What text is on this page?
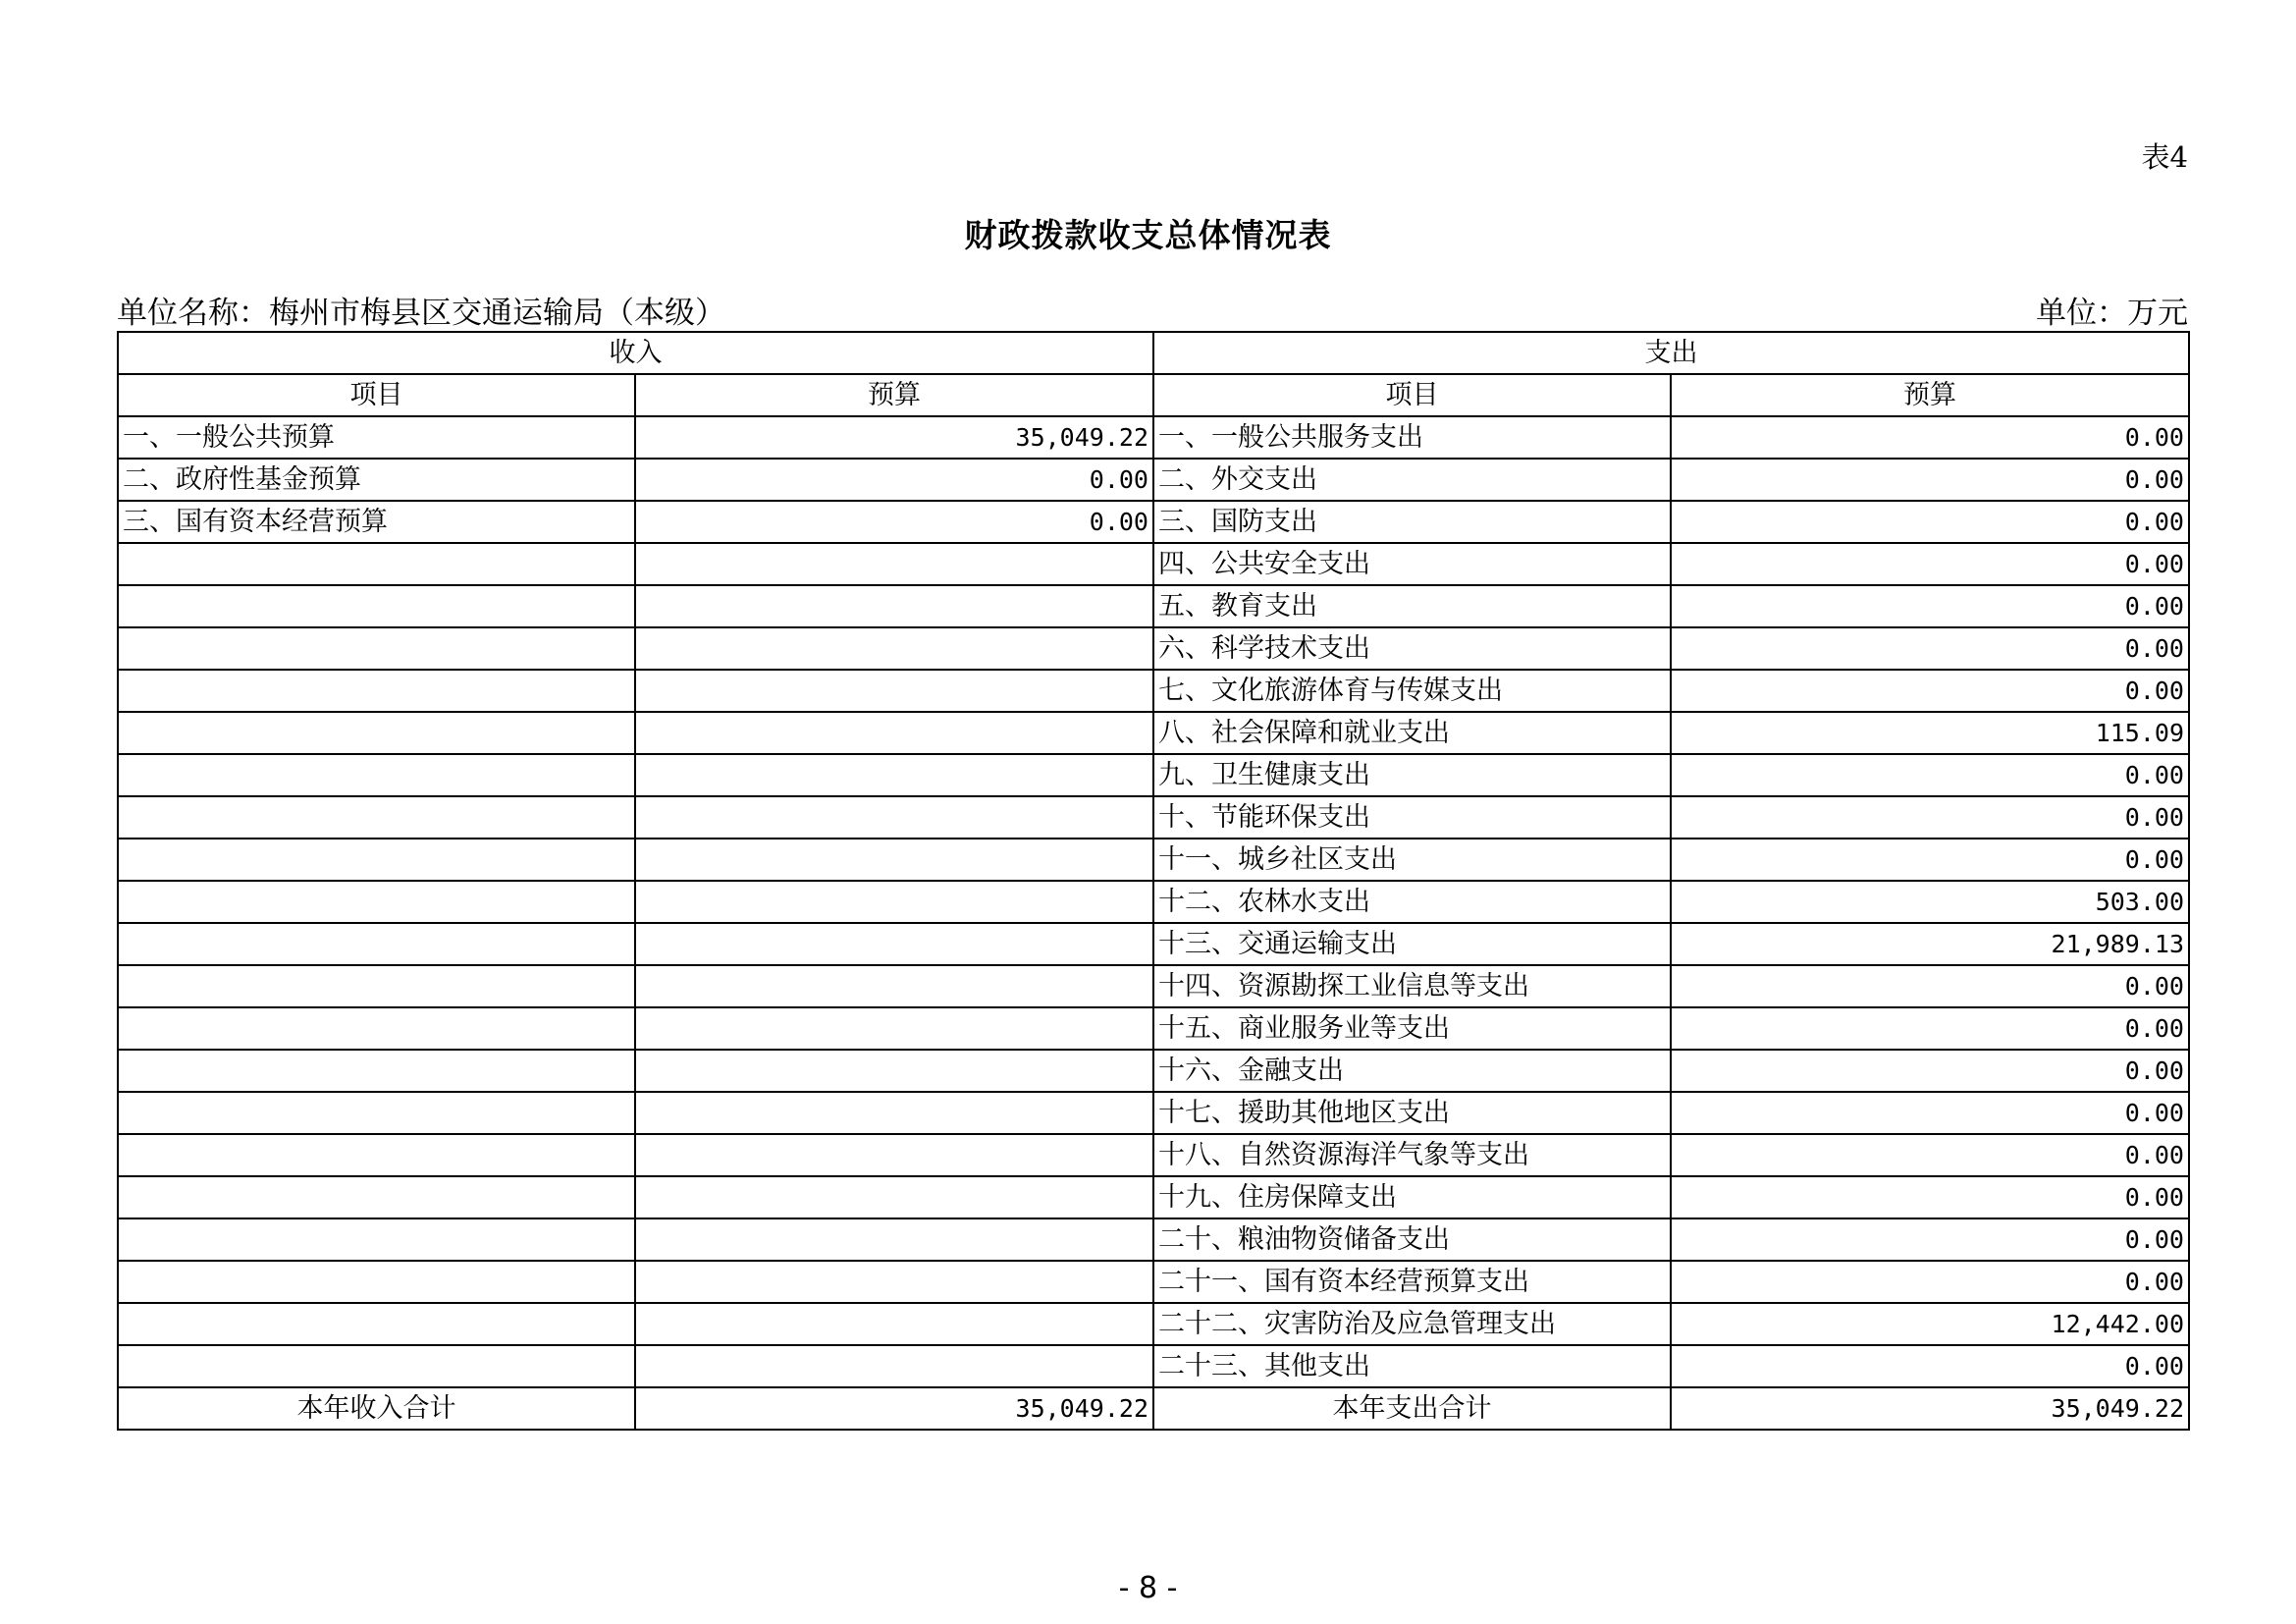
表4
财政拨款收支总体情况表
单位名称：梅州市梅县区交通运输局（本级）	单位：万元
收入		支出	
项目	预算	项目	预算
一、一般公共预算	35,049.22	一、一般公共服务支出	0.00
二、政府性基金预算	0.00	二、外交支出	0.00
三、国有资本经营预算	0.00	三、国防支出	0.00
		四、公共安全支出	0.00
		五、教育支出	0.00
		六、科学技术支出	0.00
		七、文化旅游体育与传媒支出	0.00
		八、社会保障和就业支出	115.09
		九、卫生健康支出	0.00
		十、节能环保支出	0.00
		十一、城乡社区支出	0.00
		十二、农林水支出	503.00
		十三、交通运输支出	21,989.13
		十四、资源勘探工业信息等支出	0.00
		十五、商业服务业等支出	0.00
		十六、金融支出	0.00
		十七、援助其他地区支出	0.00
		十八、自然资源海洋气象等支出	0.00
		十九、住房保障支出	0.00
		二十、粮油物资储备支出	0.00
		二十一、国有资本经营预算支出	0.00
		二十二、灾害防治及应急管理支出	12,442.00
		二十三、其他支出	0.00
本年收入合计	35,049.22	本年支出合计	35,049.22
- 8 -
